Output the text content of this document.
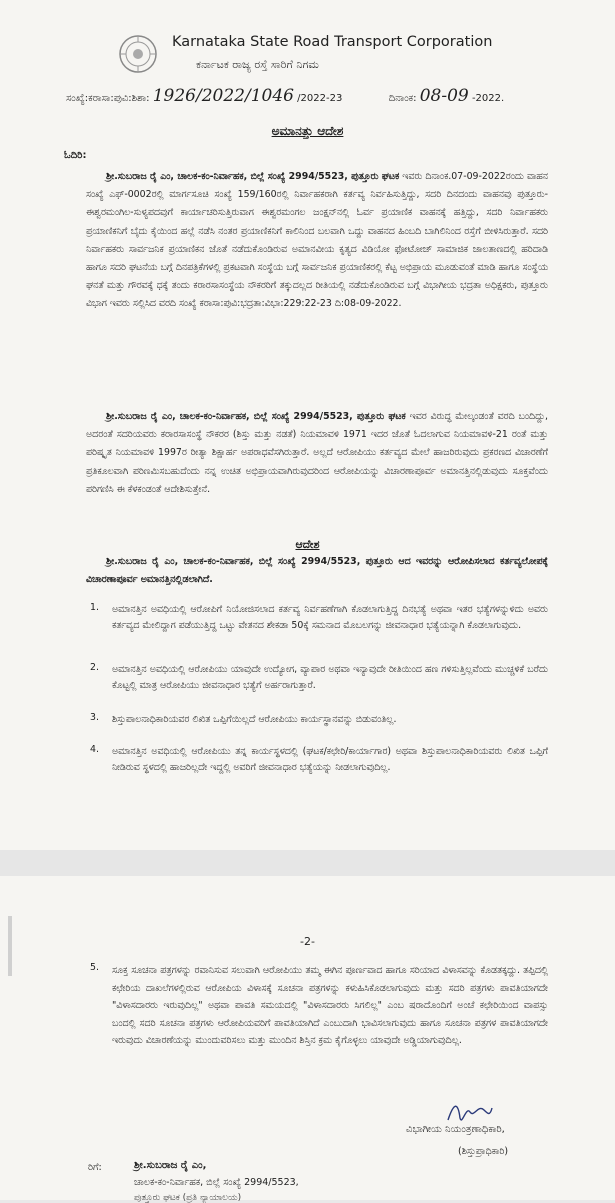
Karnataka State Road Transport Corporation
ಕರ್ನಾಟಕ ರಾಜ್ಯ ರಸ್ತೆ ಸಾರಿಗೆ ನಿಗಮ
ಸಂಖ್ಯೆ:ಕರಾಸಾ:ಪುವಿ:ಶಿಶಾ: 1926/2022/1046 /2022-23	ದಿನಾಂಕ: 08-09 -2022.
ಅಮಾನತ್ತು ಆದೇಶ
ಓದಿರಿ:
ಶ್ರೀ.ಸುಬರಾಜ ರೈ ಎಂ, ಚಾಲಕ-ಕಂ-ನಿರ್ವಾಹಕ, ಬಿಲ್ಲೆ ಸಂಖ್ಯೆ 2994/5523, ಪುತ್ತೂರು ಘಟಕ ಇವರು ದಿನಾಂಕ.07-09-2022ರಂದು ವಾಹನ ಸಂಖ್ಯೆ ಎಫ್-0002ರಲ್ಲಿ ಮಾರ್ಗಸೂಚಿ ಸಂಖ್ಯೆ 159/160ರಲ್ಲಿ ನಿರ್ವಾಹಕರಾಗಿ ಕರ್ತವ್ಯ ನಿರ್ವಹಿಸುತ್ತಿದ್ದು, ಸದರಿ ದಿನದಂದು ವಾಹನವು ಪುತ್ತೂರು-ಈಶ್ವರಮಂಗಿಲ-ಸುಳ್ಯಪದವುಗೆ ಕಾರ್ಯಾಚರಿಸುತ್ತಿರುವಾಗ ಈಶ್ವರಮಂಗಲ ಜಂಕ್ಷನ್‌ನಲ್ಲಿ ಓರ್ವ ಪ್ರಯಾಣಿಕ ವಾಹನಕ್ಕೆ ಹತ್ತಿದ್ದು, ಸದರಿ ನಿರ್ವಾಹಕರು ಪ್ರಯಾಣಿಕನಿಗೆ ಬೈದು ಕೈಯಿಂದ ಹಲ್ಲೆ ನಡೆಸಿ ನಂತರ ಪ್ರಯಾಣಿಕನಿಗೆ ಕಾಲಿನಿಂದ ಬಲವಾಗಿ ಒದ್ದು ವಾಹನದ ಹಿಂಬದಿ ಬಾಗಿಲಿನಿಂದ ರಸ್ತೆಗೆ ಬೀಳಿಸಿರುತ್ತಾರೆ. ಸದರಿ ನಿರ್ವಾಹಕರು ಸಾರ್ವಜನಿಕ ಪ್ರಯಾಣಿಕನ ಜೊತೆ ನಡೆದುಕೊಂಡಿರುವ ಅಮಾನವೀಯ ಕೃತ್ಯದ ವಿಡಿಯೋ ಫೋಟೋಜ್ ಸಾಮಾಜಿಕ ಜಾಲತಾಣದಲ್ಲಿ ಹರಿದಾಡಿ ಹಾಗೂ ಸದರಿ ಘಟನೆಯ ಬಗ್ಗೆ ದಿನಪತ್ರಿಕೆಗಳಲ್ಲಿ ಪ್ರಕಟವಾಗಿ ಸಂಸ್ಥೆಯ ಬಗ್ಗೆ ಸಾರ್ವಜನಿಕ ಪ್ರಯಾಣಿಕರಲ್ಲಿ ಕೆಟ್ಟ ಅಭಿಪ್ರಾಯ ಮೂಡುವಂತೆ ಮಾಡಿ ಹಾಗೂ ಸಂಸ್ಥೆಯ ಘನತೆ ಮತ್ತು ಗೌರವಕ್ಕೆ ಧಕ್ಕೆ ತಂದು ಕರಾರಸಾಸಂಸ್ಥೆಯ ನೌಕರರಿಗೆ ತಕ್ಕುದಲ್ಲದ ರೀತಿಯಲ್ಲಿ ನಡೆದುಕೊಂಡಿರುವ ಬಗ್ಗೆ ವಿಭಾಗೀಯ ಭದ್ರತಾ ಅಧಿಕ್ಷಕರು, ಪುತ್ತೂರು ವಿಭಾಗ ಇವರು ಸಲ್ಲಿಸಿದ ವರದಿ ಸಂಖ್ಯೆ ಕರಾಸಾ:ಪುವಿ:ಭದ್ರತಾ:ವಿಭಾ:229:22-23 ದಿ:08-09-2022.
ಶ್ರೀ.ಸುಬರಾಜ ರೈ ಎಂ, ಚಾಲಕ-ಕಂ-ನಿರ್ವಾಹಕ, ಬಿಲ್ಲೆ ಸಂಖ್ಯೆ 2994/5523, ಪುತ್ತೂರು ಘಟಕ ಇವರ ವಿರುದ್ಧ ಮೇಲ್ಕಂಡಂತೆ ವರದಿ ಬಂದಿದ್ದು, ಅದರಂತೆ ಸದರಿಯವರು ಕರಾರಸಾಸಂಸ್ಥೆ ನೌಕರರ (ಶಿಸ್ತು ಮತ್ತು ನಡತೆ) ನಿಯಮಾವಳಿ 1971 ಇದರ ಜೊತೆ ಓದಲಾಗುವ ನಿಯಮಾವಳಿ-21 ರಂತೆ ಮತ್ತು ಪರಿಷ್ಕೃತ ನಿಯಮಾವಳಿ 1997ರ ರೀತ್ಯಾ ಶಿಕ್ಷಾರ್ಹ ಅಪರಾಧವೆಸಗಿರುತ್ತಾರೆ. ಅಲ್ಲದೆ ಆರೋಪಿಯು ಕರ್ತವ್ಯದ ಮೇಲೆ ಹಾಜರಿರುವುದು ಪ್ರಕರಣದ ವಿಚಾರಣೆಗೆ ಪ್ರತಿಕೂಲವಾಗಿ ಪರಿಣಮಿಸಬಹುದೆಂದು ನನ್ನ ಉಚಿತ ಅಭಿಪ್ರಾಯವಾಗಿರುವುದರಿಂದ ಆರೋಪಿಯನ್ನು ವಿಚಾರಣಾಪೂರ್ವ ಅಮಾನತ್ತಿನಲ್ಲಿಡುವುದು ಸೂಕ್ತವೆಂದು ಪರಿಗಣಿಸಿ ಈ ಕೆಳಕಂಡಂತೆ ಆದೇಶಿಸುತ್ತೇನೆ.
ಆದೇಶ
ಶ್ರೀ.ಸುಬರಾಜ ರೈ ಎಂ, ಚಾಲಕ-ಕಂ-ನಿರ್ವಾಹಕ, ಬಿಲ್ಲೆ ಸಂಖ್ಯೆ 2994/5523, ಪುತ್ತೂರು ಆದ ಇವರನ್ನು ಆರೋಪಿಸಲಾದ ಕರ್ತವ್ಯಲೋಪಕ್ಕೆ ವಿಚಾರಣಾಪೂರ್ವ ಅಮಾನತ್ತಿನಲ್ಲಿಡಲಾಗಿದೆ.
1. ಅಮಾನತ್ತಿನ ಅವಧಿಯಲ್ಲಿ ಆರೋಪಿಗೆ ನಿಯೋಜಿಸಲಾದ ಕರ್ತವ್ಯ ನಿರ್ವಹಣೆಗಾಗಿ ಕೊಡಲಾಗುತ್ತಿದ್ದ ದಿನಭತ್ಯೆ ಅಥವಾ ಇತರ ಭತ್ಯೆಗಳನ್ನುಳಿದು ಅವರು ಕರ್ತವ್ಯದ ಮೇಲಿದ್ದಾಗ ಪಡೆಯುತ್ತಿದ್ದ ಒಟ್ಟು ವೇತನದ ಶೇಕಡಾ 50ಕ್ಕೆ ಸಮನಾದ ಮೊಬಲಗನ್ನು ಜೀವನಾಧಾರ ಭತ್ಯೆಯನ್ನಾಗಿ ಕೊಡಲಾಗುವುದು.
2. ಅಮಾನತ್ತಿನ ಅವಧಿಯಲ್ಲಿ ಆರೋಪಿಯು ಯಾವುದೇ ಉದ್ಯೋಗ, ವ್ಯಾಪಾರ ಅಥವಾ ಇನ್ಯಾವುದೇ ರೀತಿಯಿಂದ ಹಣ ಗಳಿಸುತ್ತಿಲ್ಲವೆಂದು ಮುಚ್ಚಳಿಕೆ ಬರೆದು ಕೊಟ್ಟಲ್ಲಿ ಮಾತ್ರ ಆರೋಪಿಯು ಜೀವನಾಧಾರ ಭತ್ಯೆಗೆ ಅರ್ಹರಾಗುತ್ತಾರೆ.
3. ಶಿಸ್ತುಪಾಲನಾಧಿಕಾರಿಯವರ ಲಿಖಿತ ಒಪ್ಪಿಗೆಯಿಲ್ಲದೆ ಆರೋಪಿಯು ಕಾರ್ಯಸ್ಥಾನವನ್ನು ಬಿಡುವಂತಿಲ್ಲ.
4. ಅಮಾನತ್ತಿನ ಅವಧಿಯಲ್ಲಿ ಆರೋಪಿಯು ತನ್ನ ಕಾರ್ಯಸ್ಥಳದಲ್ಲಿ (ಘಟಕ/ಕಛೇರಿ/ಕಾರ್ಯಾಗಾರ) ಅಥವಾ ಶಿಸ್ತುಪಾಲನಾಧಿಕಾರಿಯವರು ಲಿಖಿತ ಒಪ್ಪಿಗೆ ನೀಡಿರುವ ಸ್ಥಳದಲ್ಲಿ ಹಾಜರಿಲ್ಲದೇ ಇದ್ದಲ್ಲಿ ಅವರಿಗೆ ಜೀವನಾಧಾರ ಭತ್ಯೆಯನ್ನು ನೀಡಲಾಗುವುದಿಲ್ಲ.
-2-
5. ಸೂಕ್ತ ಸೂಚನಾ ಪತ್ರಗಳನ್ನು ರವಾನಿಸುವ ಸಲುವಾಗಿ ಆರೋಪಿಯು ತಮ್ಮ ಈಗಿನ ಪೂರ್ಣವಾದ ಹಾಗೂ ಸರಿಯಾದ ವಿಳಾಸವನ್ನು ಕೊಡತಕ್ಕದ್ದು. ತಪ್ಪಿದಲ್ಲಿ ಕಛೇರಿಯ ದಾಖಲೆಗಳಲ್ಲಿರುವ ಆರೋಪಿಯ ವಿಳಾಸಕ್ಕೆ ಸೂಚನಾ ಪತ್ರಗಳನ್ನು ಕಳುಹಿಸಿಕೊಡಲಾಗುವುದು ಮತ್ತು ಸದರಿ ಪತ್ರಗಳು ಪಾವತಿಯಾಗದೇ "ವಿಳಾಸದಾರರು ಇರುವುದಿಲ್ಲ" ಅಥವಾ ಪಾವತಿ ಸಮಯದಲ್ಲಿ "ವಿಳಾಸದಾರರು ಸಿಗಲಿಲ್ಲ" ಎಂಬ ಷರಾದೊಂದಿಗೆ ಅಂಚೆ ಕಛೇರಿಯಿಂದ ವಾಪಸ್ಸು ಬಂದಲ್ಲಿ ಸದರಿ ಸೂಚನಾ ಪತ್ರಗಳು ಆರೋಪಿಯವರಿಗೆ ಪಾವತಿಯಾಗಿದೆ ಎಂಬುದಾಗಿ ಭಾವಿಸಲಾಗುವುದು ಹಾಗೂ ಸೂಚನಾ ಪತ್ರಗಳ ಪಾವತಿಯಾಗದೇ ಇರುವುದು ವಿಚಾರಣೆಯನ್ನು ಮುಂದುವರಿಸಲು ಮತ್ತು ಮುಂದಿನ ಶಿಸ್ತಿನ ಕ್ರಮ ಕೈಗೊಳ್ಳಲು ಯಾವುದೇ ಅಡ್ಡಿಯಾಗುವುದಿಲ್ಲ.
ವಿಭಾಗೀಯ ನಿಯಂತ್ರಣಾಧಿಕಾರಿ,
(ಶಿಸ್ತುಪ್ರಾಧಿಕಾರಿ)
ರಿಗೆ:	ಶ್ರೀ.ಸುಬರಾಜ ರೈ ಎಂ,
ಚಾಲಕ-ಕಂ-ನಿರ್ವಾಹಕ, ಬಿಲ್ಲೆ ಸಂಖ್ಯೆ 2994/5523,
ಪುತ್ತೂರು ಘಟಕ (ಪ್ರತಿ ನ್ಯಾಯಾಲಯ)
